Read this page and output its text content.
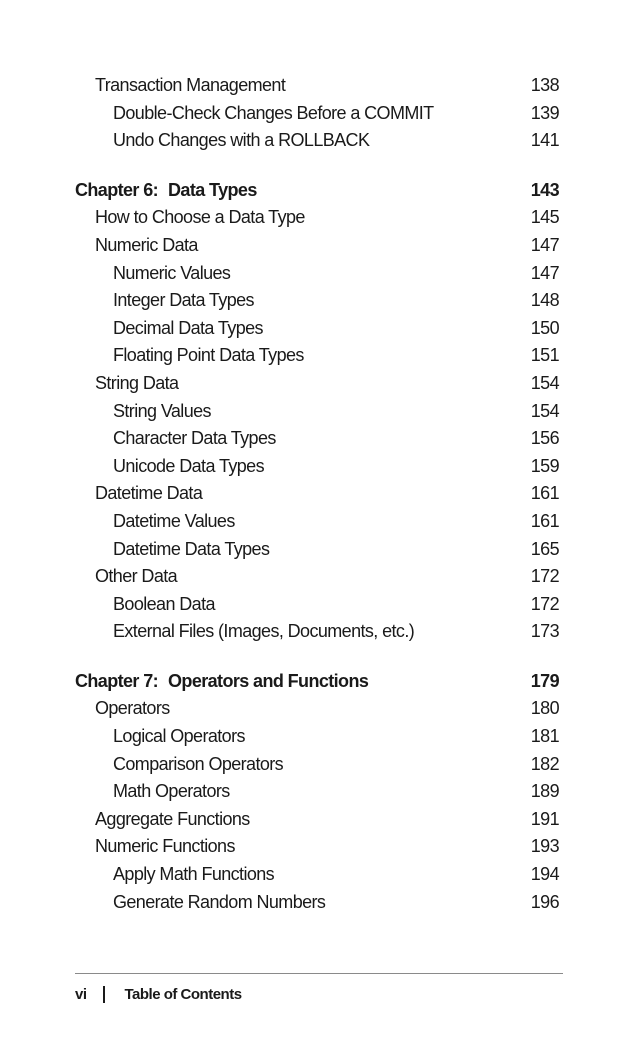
Transaction Management	138
Double-Check Changes Before a COMMIT	139
Undo Changes with a ROLLBACK	141
Chapter 6: Data Types	143
How to Choose a Data Type	145
Numeric Data	147
Numeric Values	147
Integer Data Types	148
Decimal Data Types	150
Floating Point Data Types	151
String Data	154
String Values	154
Character Data Types	156
Unicode Data Types	159
Datetime Data	161
Datetime Values	161
Datetime Data Types	165
Other Data	172
Boolean Data	172
External Files (Images, Documents, etc.)	173
Chapter 7: Operators and Functions	179
Operators	180
Logical Operators	181
Comparison Operators	182
Math Operators	189
Aggregate Functions	191
Numeric Functions	193
Apply Math Functions	194
Generate Random Numbers	196
vi	Table of Contents
